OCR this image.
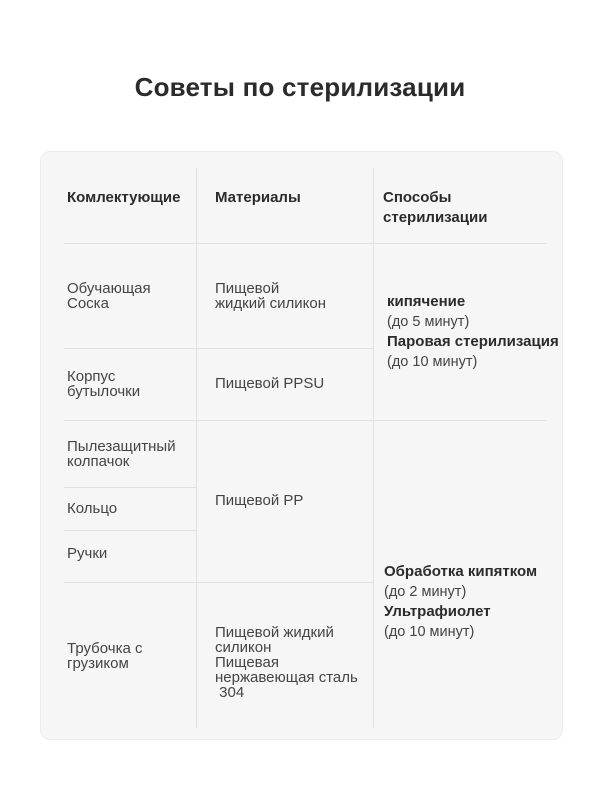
Советы по стерилизации
Комлектующие Материалы	Способы
стерилизации
Обучающая
Соска
Корпус
бутылочки
Пылезащитный
колпачок
Кольцо
Ручки
Трубочка с
грузиком
Пищевой
жидкий силикон
Пищевой PPSU
Пищевой PP
Пищевой жидкий
силикон
Пищевая
нержавеющая сталь
304
кипячение
(до 5 минут)
Паровая стерилизация
(до 10 минут)
Обработка кипятком
(до 2 минут)
Ультрафиолет
(до 10 минут)
